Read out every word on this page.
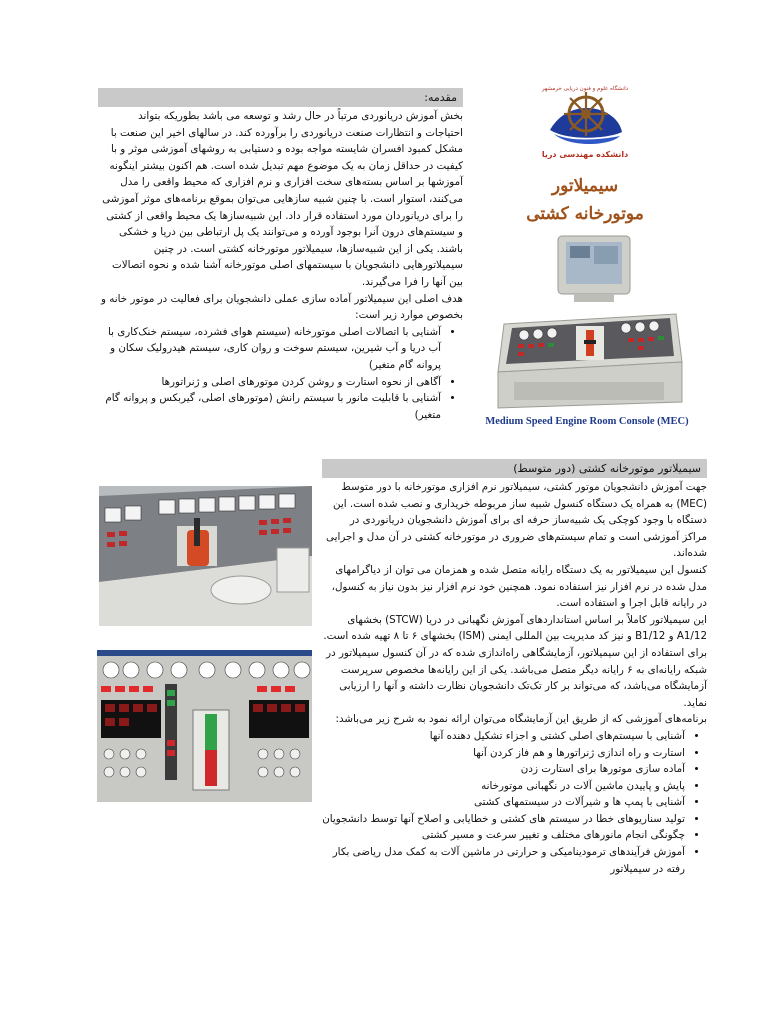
مقدمه:

بخش آموزش دریانوردی مرتباً در حال رشد و توسعه می باشد بطوریکه بتواند احتیاجات و انتظارات صنعت دریانوردی را برآورده کند. در سالهای اخیر این صنعت با مشکل کمبود افسران شایسته مواجه بوده و دستیابی به روشهای آموزشی موثر و با کیفیت در حداقل زمان به یک موضوع مهم تبدیل شده است. هم اکنون بیشتر اینگونه آموزشها بر اساس بسته‌های سخت افزاری و نرم افزاری که محیط واقعی را مدل می‌کنند، استوار است. با چنین شبیه سازهایی می‌توان بموقع برنامه‌های موثر آموزشی را برای دریانوردان مورد استفاده قرار داد. این شبیه‌سازها یک محیط واقعی از کشتی و سیستم‌های درون آنرا بوجود آورده و می‌توانند یک پل ارتباطی بین دریا و خشکی باشند. یکی از این شبیه‌سازها، سیمیلاتور موتورخانه کشتی است. در چنین سیمیلاتورهایی دانشجویان با سیستمهای اصلی موتورخانه آشنا شده و نحوه اتصالات بین آنها را فرا می‌گیرند.

هدف اصلی این سیمیلاتور آماده سازی عملی دانشجویان برای فعالیت در موتور خانه و بخصوص موارد زیر است:

• آشنایی با اتصالات اصلی موتورخانه (سیستم هوای فشرده، سیستم خنک‌کاری با آب دریا و آب شیرین، سیستم سوخت و روان کاری، سیستم هیدرولیک سکان و پروانه گام متغیر)
• آگاهی از نحوه استارت و روشن کردن موتورهای اصلی و ژنراتورها
• آشنایی با قابلیت مانور با سیستم رانش (موتورهای اصلی، گیربکس و پروانه گام متغیر)
دانشگاه علوم و فنون دریایی خرمشهر
دانشکده مهندسی دریا
سیمیلاتور
موتورخانه کشتی
Medium Speed Engine Room Console (MEC)
سیمیلاتور موتورخانه کشتی (دور متوسط)

جهت آموزش دانشجویان موتور کشتی، سیمیلاتور نرم افزاری موتورخانه با دور متوسط (MEC) به همراه یک دستگاه کنسول شبیه ساز مربوطه خریداری و نصب شده است. این دستگاه با وجود کوچکی یک شبیه‌ساز حرفه ای برای آموزش دانشجویان دریانوردی در مراکز آموزشی است و تمام سیستم‌های ضروری در موتورخانه کشتی در آن مدل و اجرایی شده‌اند.

کنسول این سیمیلاتور به یک دستگاه رایانه متصل شده و همزمان می توان از دیاگرامهای مدل شده در نرم افزار نیز استفاده نمود. همچنین خود نرم افزار نیز بدون نیاز به کنسول، در رایانه قابل اجرا و استفاده است.

این سیمیلاتور کاملاً بر اساس استانداردهای آموزش نگهبانی در دریا (STCW) بخشهای A1/12 و B1/12 و نیز کد مدیریت بین المللی ایمنی (ISM) بخشهای ۶ تا ۸ تهیه شده است.

برای استفاده از این سیمیلاتور، آزمایشگاهی راه‌اندازی شده که در آن کنسول سیمیلاتور در شبکه رایانه‌ای به ۶ رایانه دیگر متصل می‌باشد. یکی از این رایانه‌ها مخصوص سرپرست آزمایشگاه می‌باشد، که می‌تواند بر کار تک‌تک دانشجویان نظارت داشته و آنها را ارزیابی نماید.

برنامه‌های آموزشی که از طریق این آزمایشگاه می‌توان ارائه نمود به شرح زیر می‌باشد:

• آشنایی با سیستم‌های اصلی کشتی و اجزاء تشکیل دهنده آنها
• استارت و راه اندازی ژنراتورها و هم فاز کردن آنها
• آماده سازی موتورها برای استارت زدن
• پایش و پاییدن ماشین آلات در نگهبانی موتورخانه
• آشنایی با پمپ ها و شیرآلات در سیستمهای کشتی
• تولید سناریوهای خطا در سیستم های کشتی و خطایابی و اصلاح آنها توسط دانشجویان
• چگونگی انجام مانورهای مختلف و تغییر سرعت و مسیر کشتی
• آموزش فرآیندهای ترمودینامیکی و حرارتی در ماشین آلات به کمک مدل ریاضی بکار رفته در سیمیلاتور
